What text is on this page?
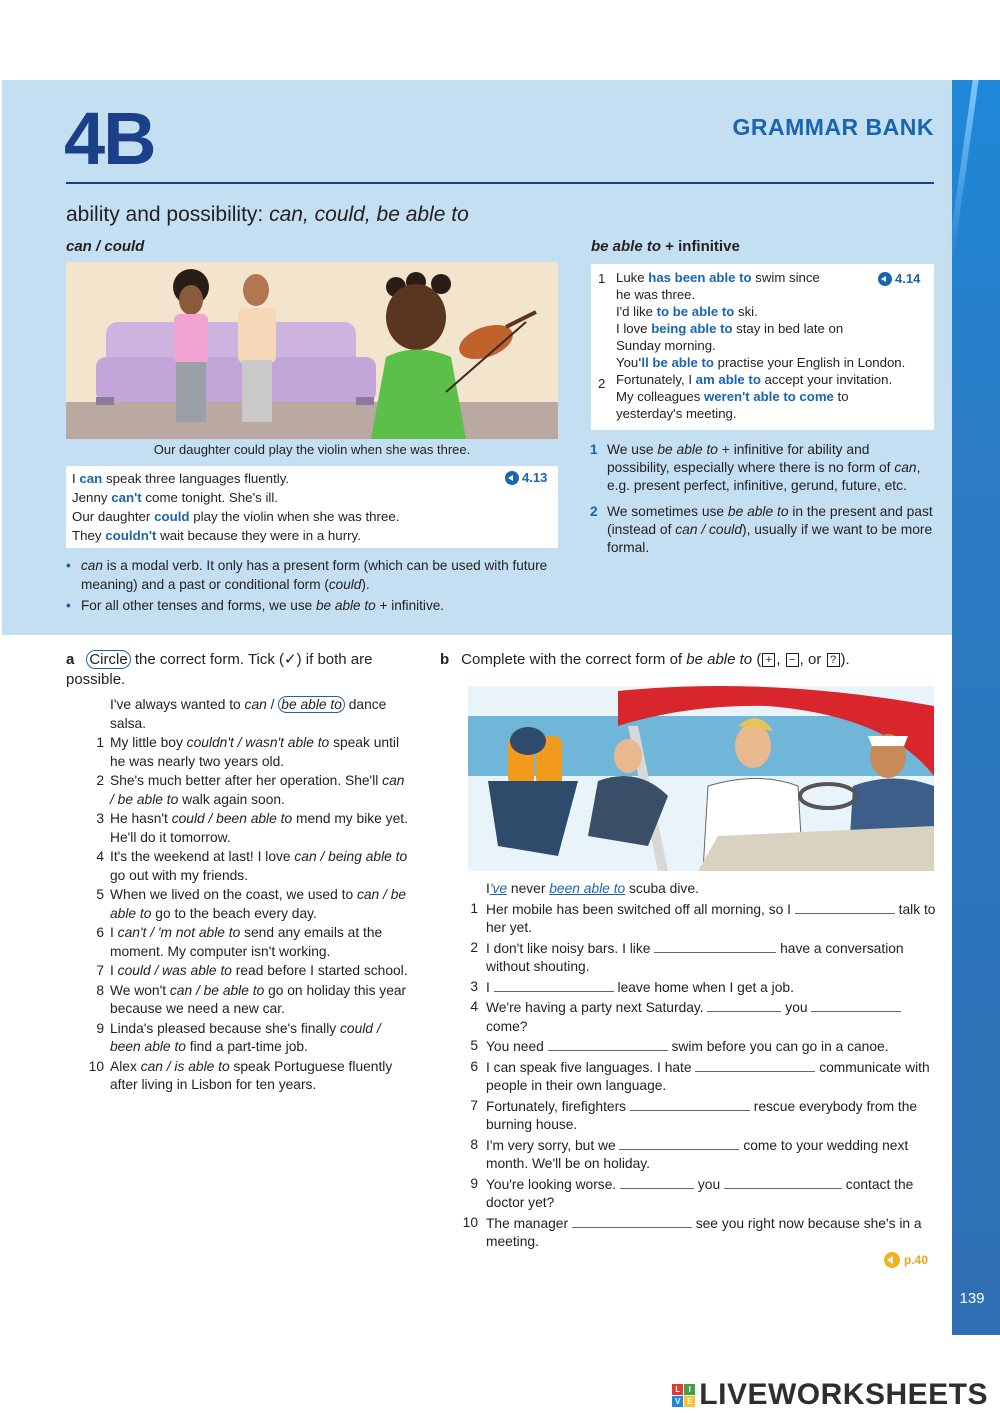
139
4B	GRAMMAR BANK
ability and possibility: can, could, be able to
can / could
Our daughter could play the violin when she was three.
I can speak three languages fluently.
Jenny can't come tonight. She's ill.
Our daughter could play the violin when she was three.
They couldn't wait because they were in a hurry.
4.13
• can is a modal verb. It only has a present form (which can be used with future meaning) and a past or conditional form (could).
• For all other tenses and forms, we use be able to + infinitive.
be able to + infinitive
1 Luke has been able to swim since
he was three.
I'd like to be able to ski.
I love being able to stay in bed late on
Sunday morning.
You'll be able to practise your English in London.
2 Fortunately, I am able to accept your invitation.
My colleagues weren't able to come to
yesterday's meeting.
4.14
1 We use be able to + infinitive for ability and possibility, especially where there is no form of can, e.g. present perfect, infinitive, gerund, future, etc.
2 We sometimes use be able to in the present and past (instead of can / could), usually if we want to be more formal.
a Circle the correct form. Tick (✓) if both are possible.
I've always wanted to can / be able to dance salsa.
1 My little boy couldn't / wasn't able to speak until he was nearly two years old.
2 She's much better after her operation. She'll can / be able to walk again soon.
3 He hasn't could / been able to mend my bike yet. He'll do it tomorrow.
4 It's the weekend at last! I love can / being able to go out with my friends.
5 When we lived on the coast, we used to can / be able to go to the beach every day.
6 I can't / 'm not able to send any emails at the moment. My computer isn't working.
7 I could / was able to read before I started school.
8 We won't can / be able to go on holiday this year because we need a new car.
9 Linda's pleased because she's finally could / been able to find a part-time job.
10 Alex can / is able to speak Portuguese fluently after living in Lisbon for ten years.
b Complete with the correct form of be able to ( + , − , or ? ).
I've never been able to scuba dive.
1 Her mobile has been switched off all morning, so I	talk to her yet.
2 I don't like noisy bars. I like	have a conversation without shouting.
3 I	leave home when I get a job.
4 We're having a party next Saturday.	you  come?
5 You need	swim before you can go in a canoe.
6 I can speak five languages. I hate	communicate with people in their own language.
7 Fortunately, firefighters	rescue everybody from the burning house.
8 I'm very sorry, but we	come to your wedding next month. We'll be on holiday.
9 You're looking worse.	you	contact the doctor yet?
10 The manager	see you right now because she's in a meeting.
p.40
L	I
V E LIVEWORKSHEETS
